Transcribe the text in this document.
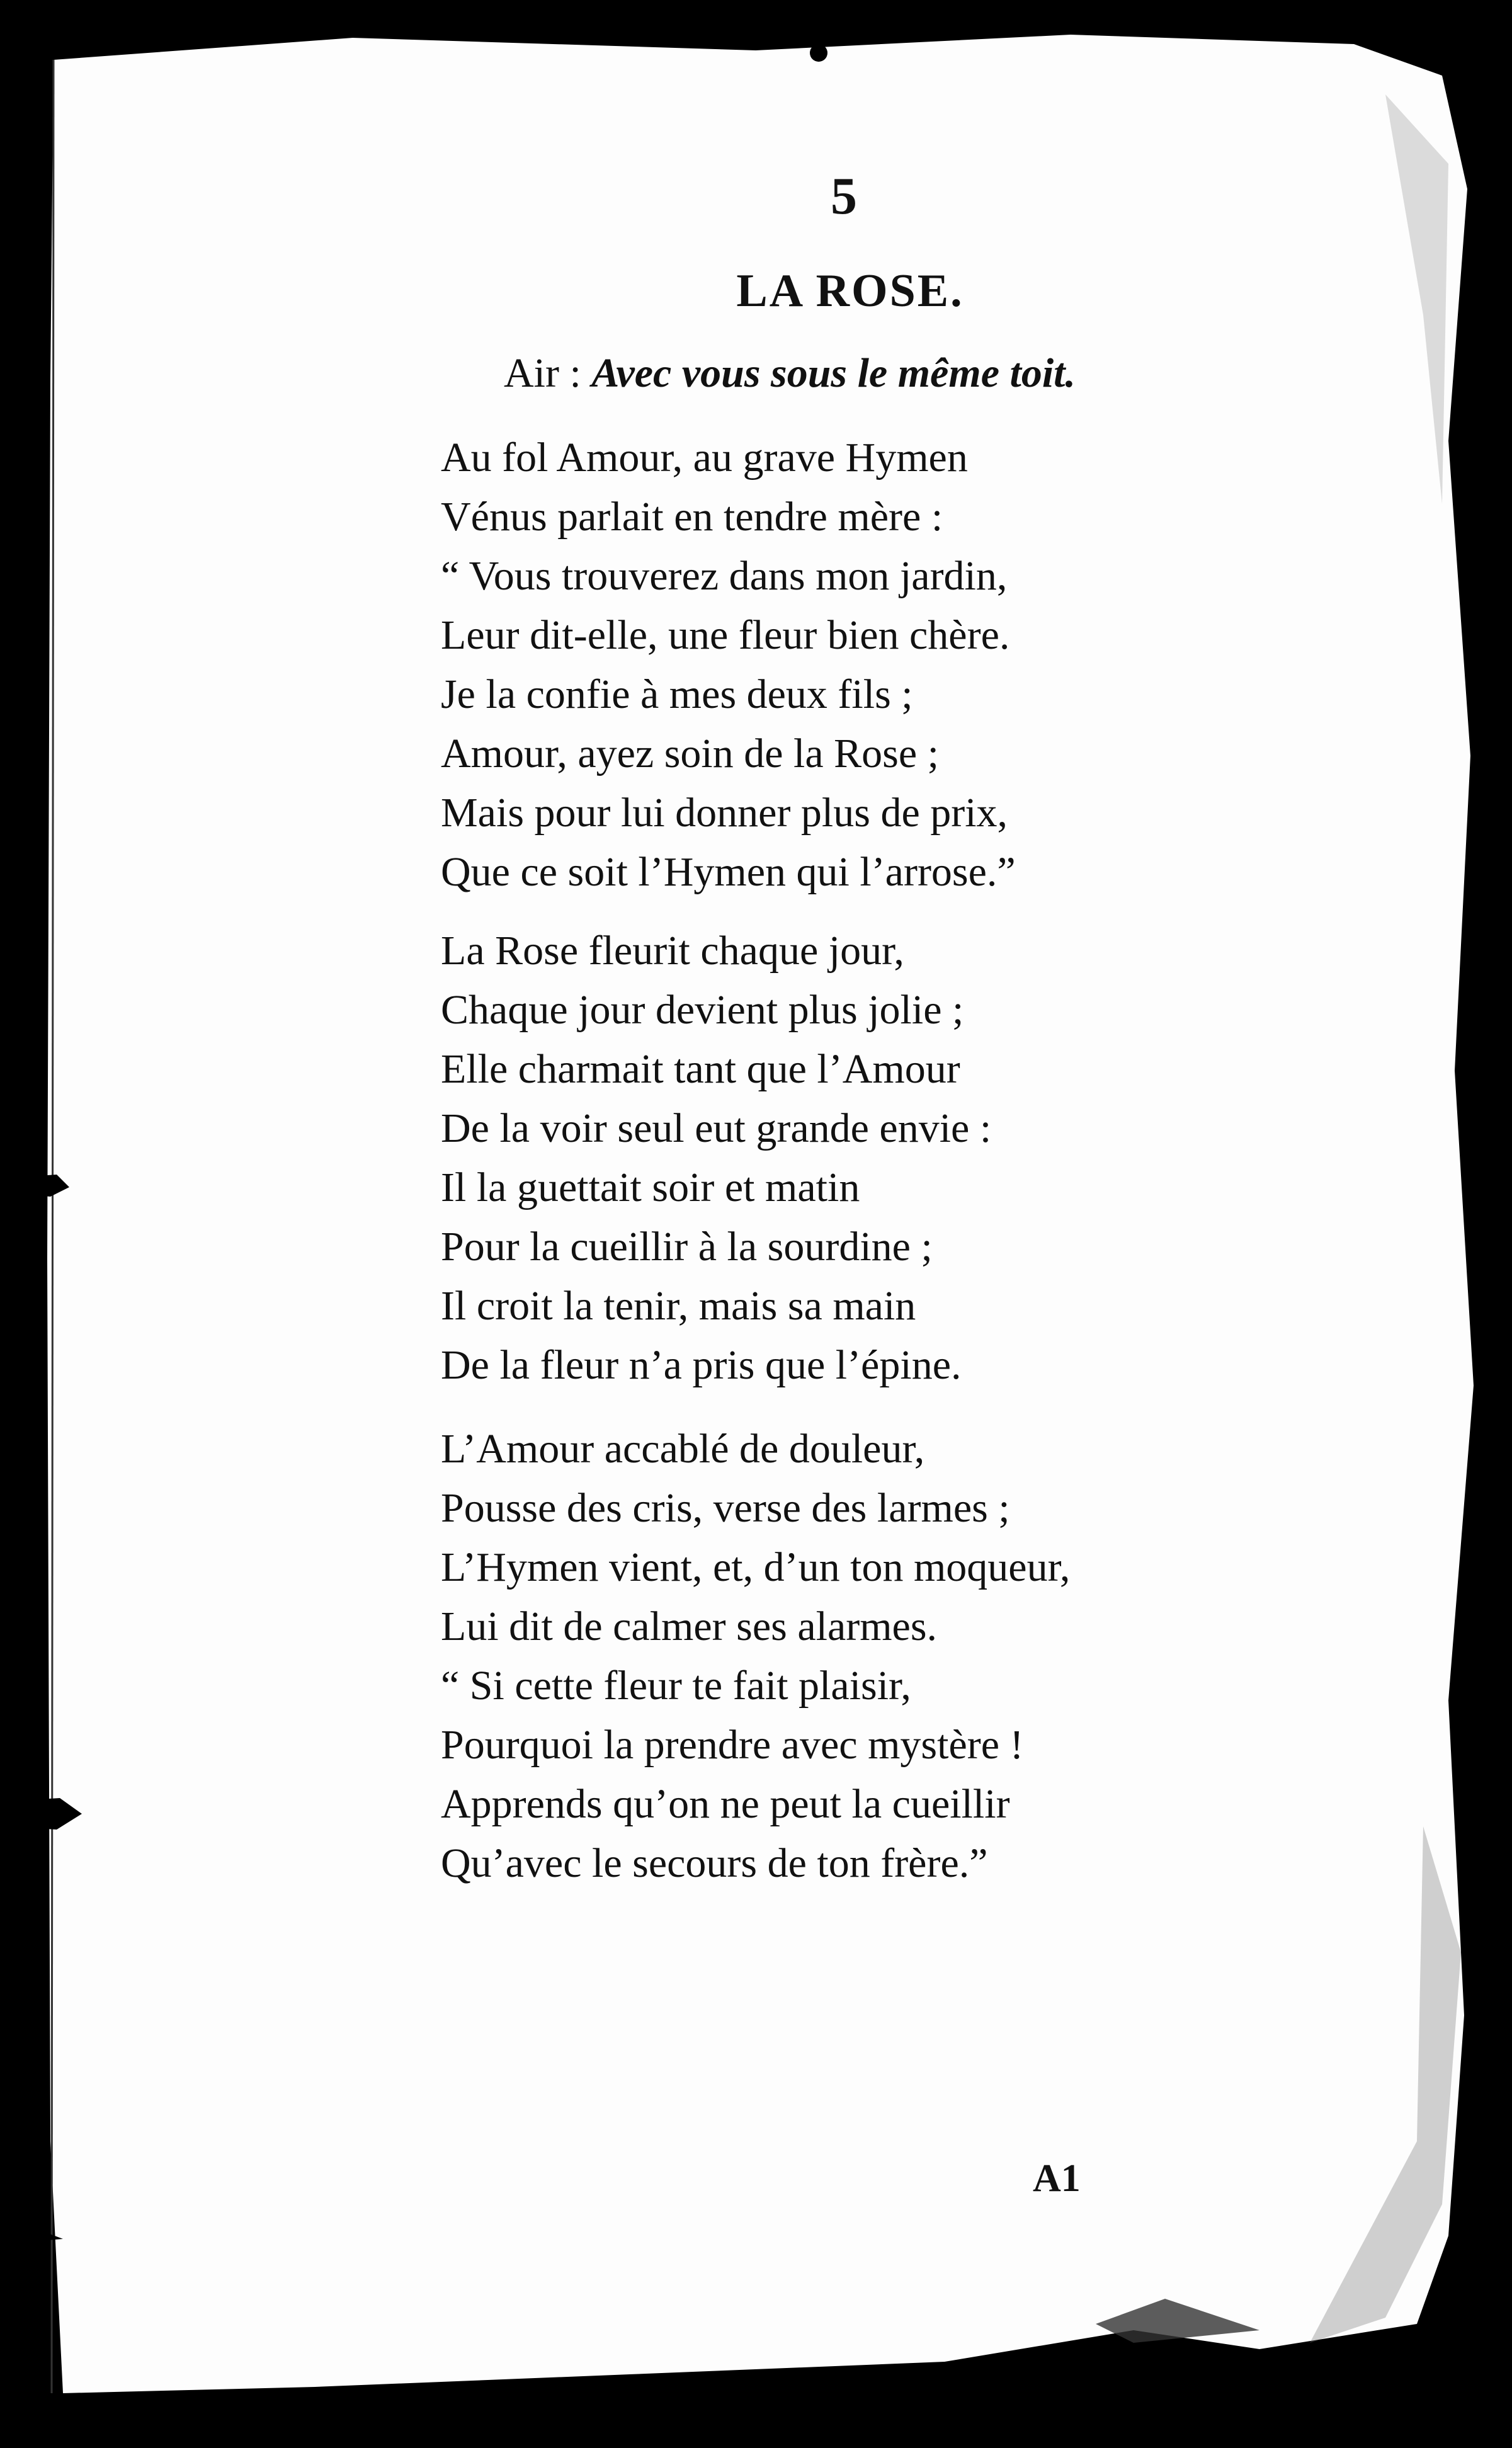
5
LA ROSE.
Air : Avec vous sous le même toit.
Au fol Amour, au grave Hymen
Vénus parlait en tendre mère :
“ Vous trouverez dans mon jardin,
Leur dit-elle, une fleur bien chère.
Je la confie à mes deux fils ;
Amour, ayez soin de la Rose ;
Mais pour lui donner plus de prix,
Que ce soit l’Hymen qui l’arrose.”
La Rose fleurit chaque jour,
Chaque jour devient plus jolie ;
Elle charmait tant que l’Amour
De la voir seul eut grande envie :
Il la guettait soir et matin
Pour la cueillir à la sourdine ;
Il croit la tenir, mais sa main
De la fleur n’a pris que l’épine.
L’Amour accablé de douleur,
Pousse des cris, verse des larmes ;
L’Hymen vient, et, d’un ton moqueur,
Lui dit de calmer ses alarmes.
“ Si cette fleur te fait plaisir,
Pourquoi la prendre avec mystère !
Apprends qu’on ne peut la cueillir
Qu’avec le secours de ton frère.”
A1
